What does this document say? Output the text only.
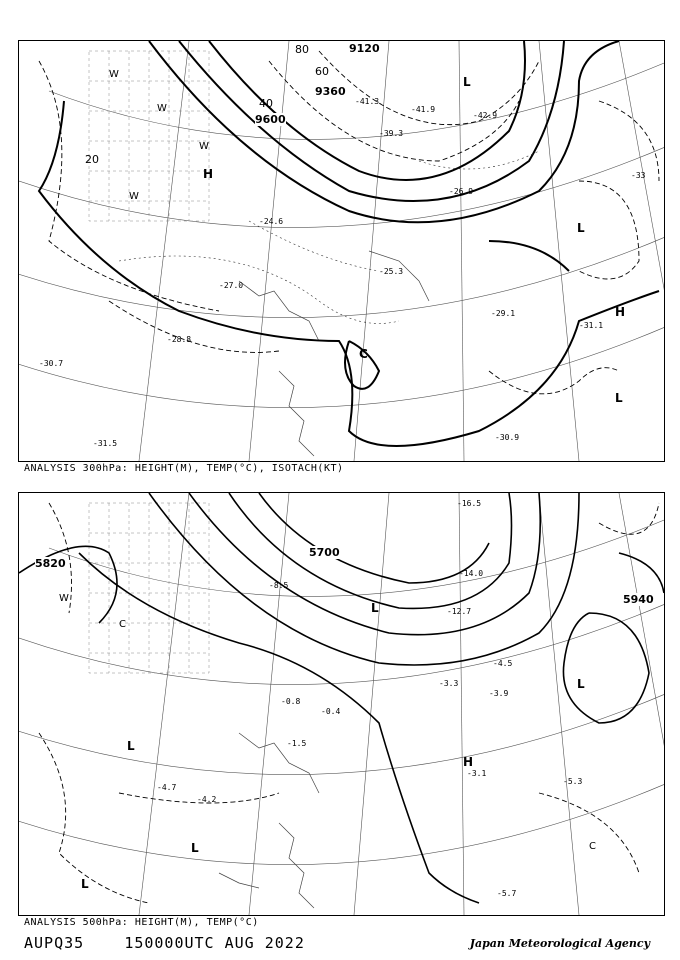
9120
9360
9600
80
60
40
20
H
L
L
C
H
L
W
W
W
W
-29.1
-31.1
-30.9
-28.8
-26.9
-25.3
-24.6
-27.0
-41.9
-42.9
-41.3
-39.3
-31.5
-30.7
-33
ANALYSIS 300hPa: HEIGHT(M), TEMP(°C), ISOTACH(KT)
5700
5820
5940
L
L
L
H
L
L
C
C
W
-16.5
-3.1
-5.3
-5.7
-4.7
-4.2
-14.0
-12.7
-4.5
-3.9
-3.3
-8.5
-0.8
-1.5
-0.4
ANALYSIS 500hPa: HEIGHT(M), TEMP(°C)
AUPQ35	150000UTC AUG 2022	Japan Meteorological Agency
